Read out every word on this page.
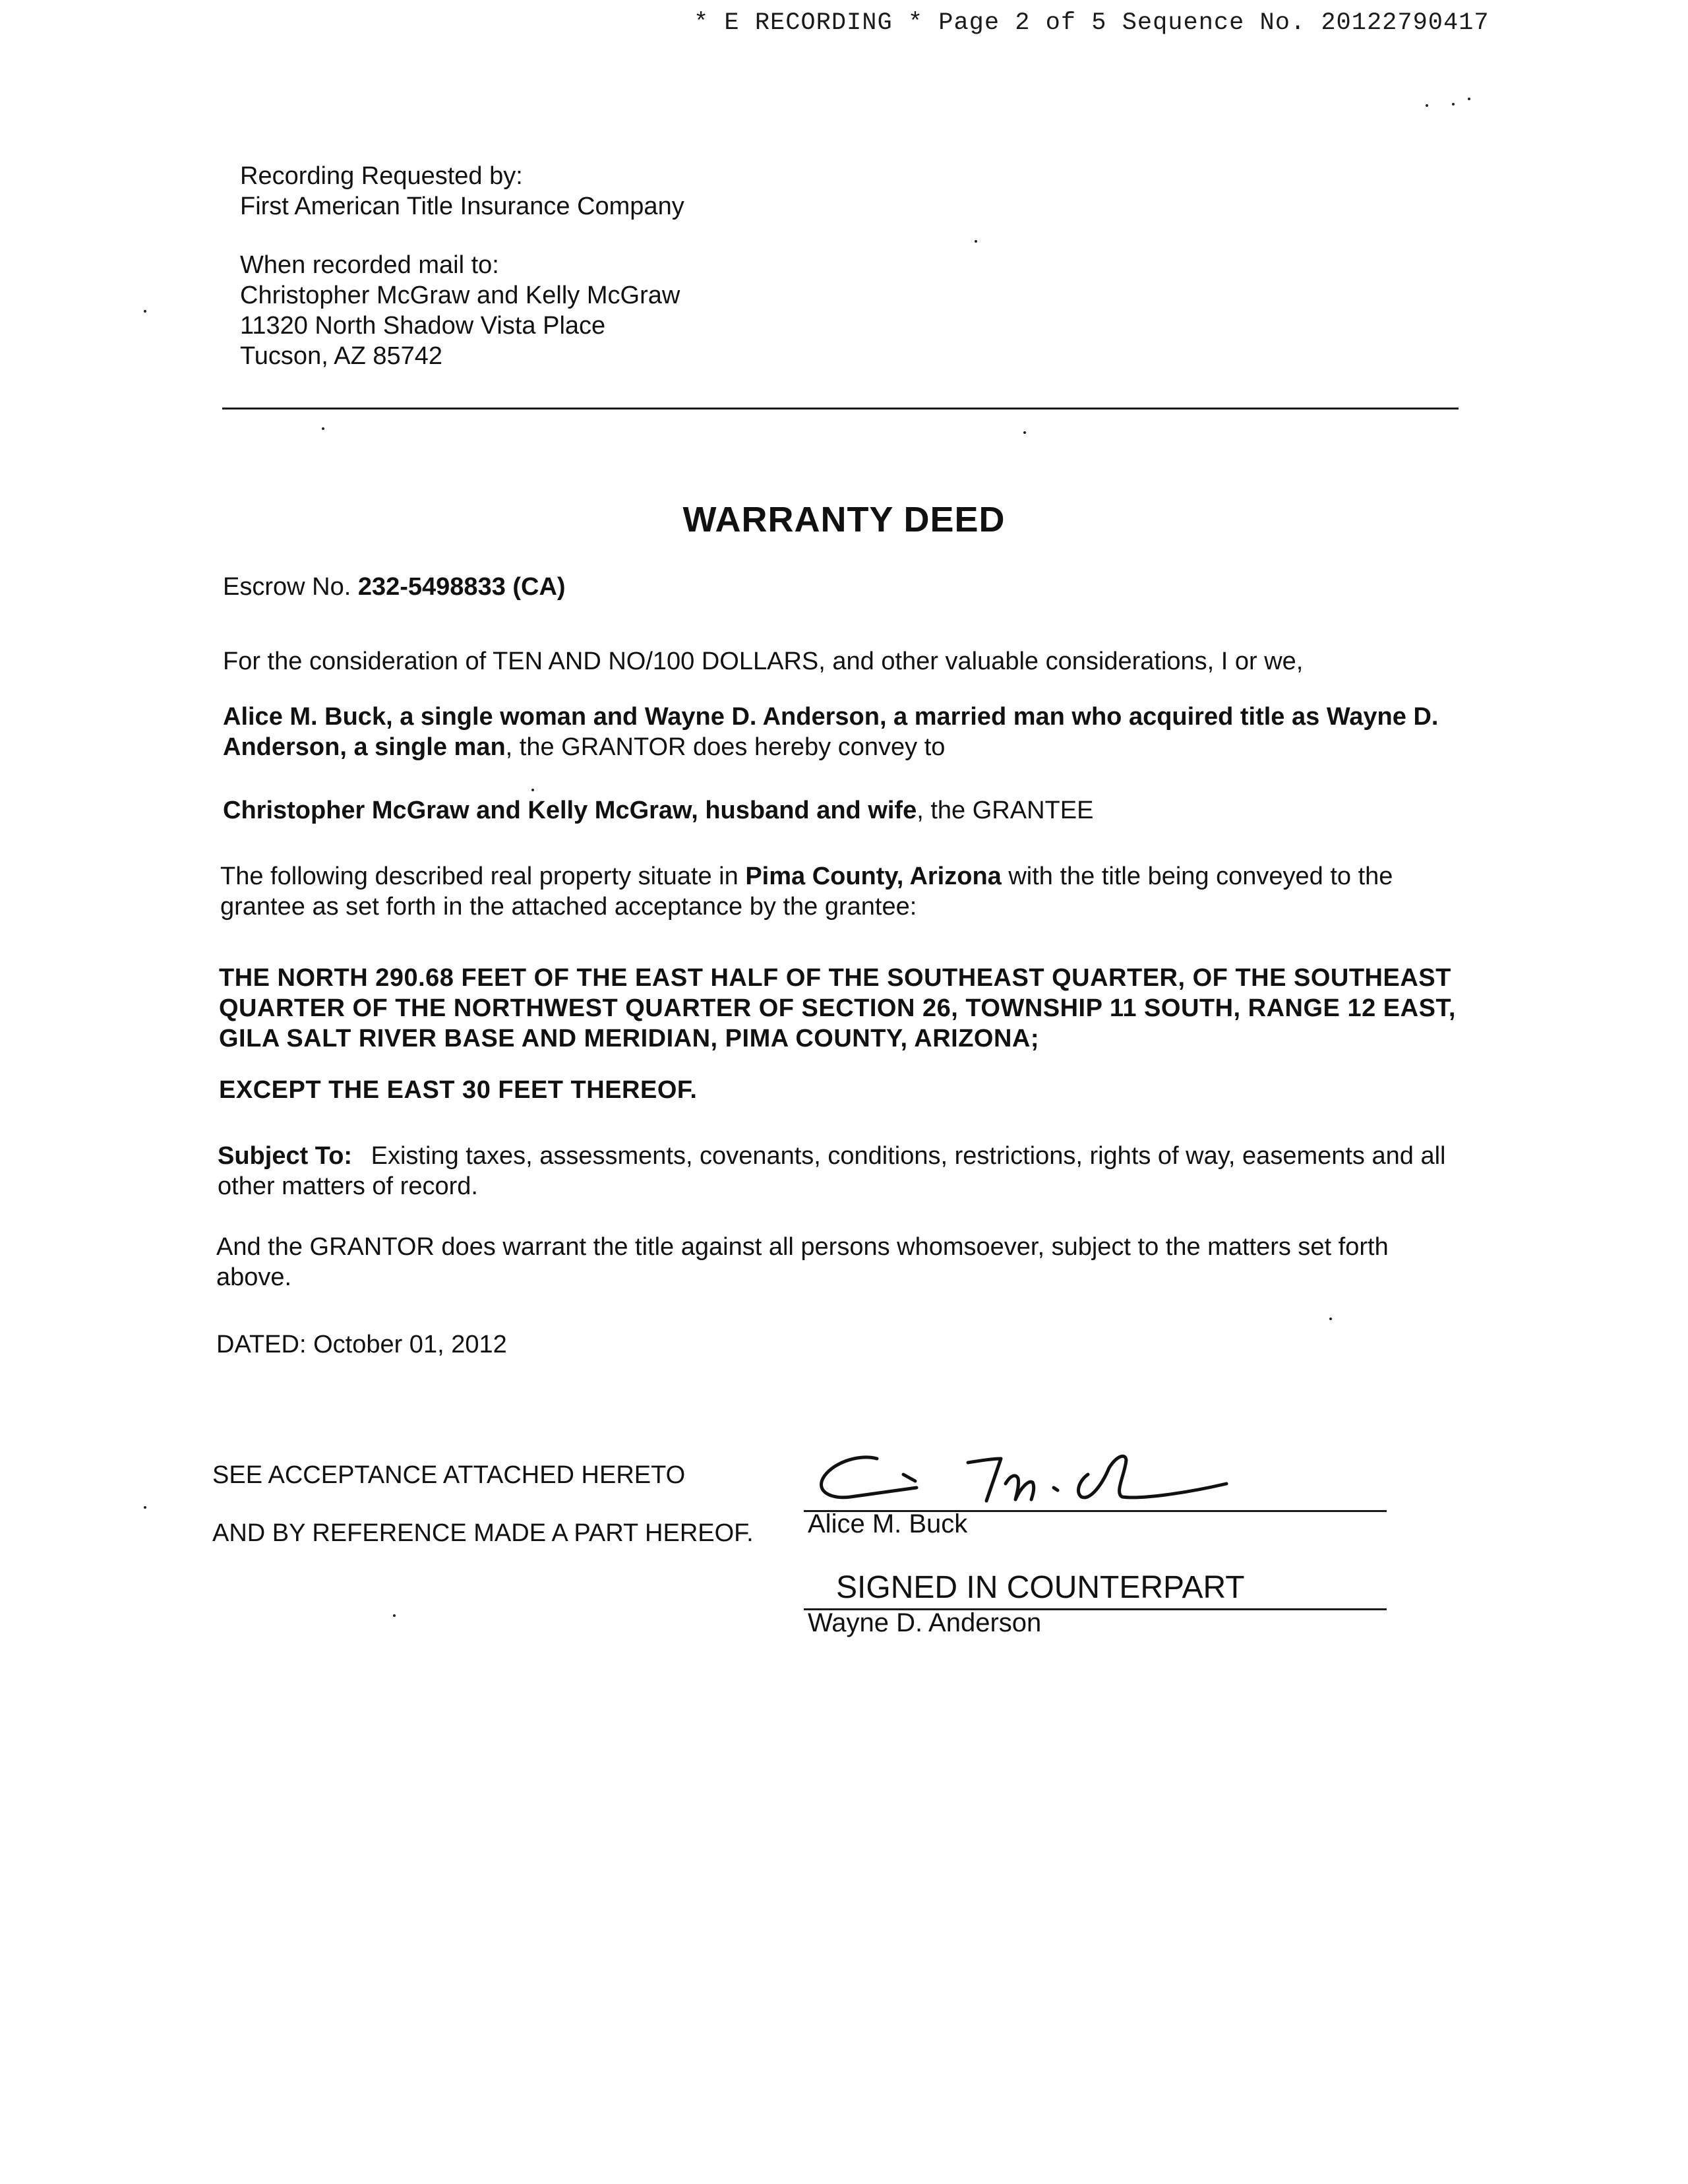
* E RECORDING * Page 2 of 5 Sequence No. 20122790417
Recording Requested by:
First American Title Insurance Company
When recorded mail to:
Christopher McGraw and Kelly McGraw
11320 North Shadow Vista Place
Tucson, AZ 85742
WARRANTY DEED
Escrow No. 232-5498833 (CA)
For the consideration of TEN AND NO/100 DOLLARS, and other valuable considerations, I or we,
Alice M. Buck, a single woman and Wayne D. Anderson, a married man who acquired title as Wayne D. Anderson, a single man, the GRANTOR does hereby convey to
Christopher McGraw and Kelly McGraw, husband and wife, the GRANTEE
The following described real property situate in Pima County, Arizona with the title being conveyed to the grantee as set forth in the attached acceptance by the grantee:
THE NORTH 290.68 FEET OF THE EAST HALF OF THE SOUTHEAST QUARTER, OF THE SOUTHEAST QUARTER OF THE NORTHWEST QUARTER OF SECTION 26, TOWNSHIP 11 SOUTH, RANGE 12 EAST, GILA SALT RIVER BASE AND MERIDIAN, PIMA COUNTY, ARIZONA;
EXCEPT THE EAST 30 FEET THEREOF.
Subject To: Existing taxes, assessments, covenants, conditions, restrictions, rights of way, easements and all other matters of record.
And the GRANTOR does warrant the title against all persons whomsoever, subject to the matters set forth above.
DATED: October 01, 2012
SEE ACCEPTANCE ATTACHED HERETO
AND BY REFERENCE MADE A PART HEREOF. Alice M. Buck
SIGNED IN COUNTERPART
Wayne D. Anderson
